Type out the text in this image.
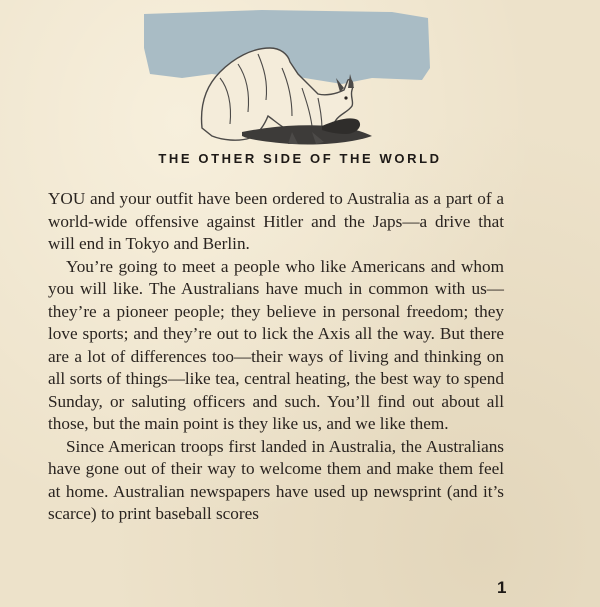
THE OTHER SIDE OF THE WORLD

YOU and your outfit have been ordered to Australia as a part of a world-wide offensive against Hitler and the Japs—a drive that will end in Tokyo and Berlin.

You’re going to meet a people who like Americans and whom you will like. The Australians have much in common with us—they’re a pioneer people; they believe in personal freedom; they love sports; and they’re out to lick the Axis all the way. But there are a lot of differences too—their ways of living and thinking on all sorts of things—like tea, central heating, the best way to spend Sunday, or saluting officers and such. You’ll find out about all those, but the main point is they like us, and we like them.

Since American troops first landed in Australia, the Australians have gone out of their way to welcome them and make them feel at home. Australian newspapers have used up newsprint (and it’s scarce) to print baseball scores

1
